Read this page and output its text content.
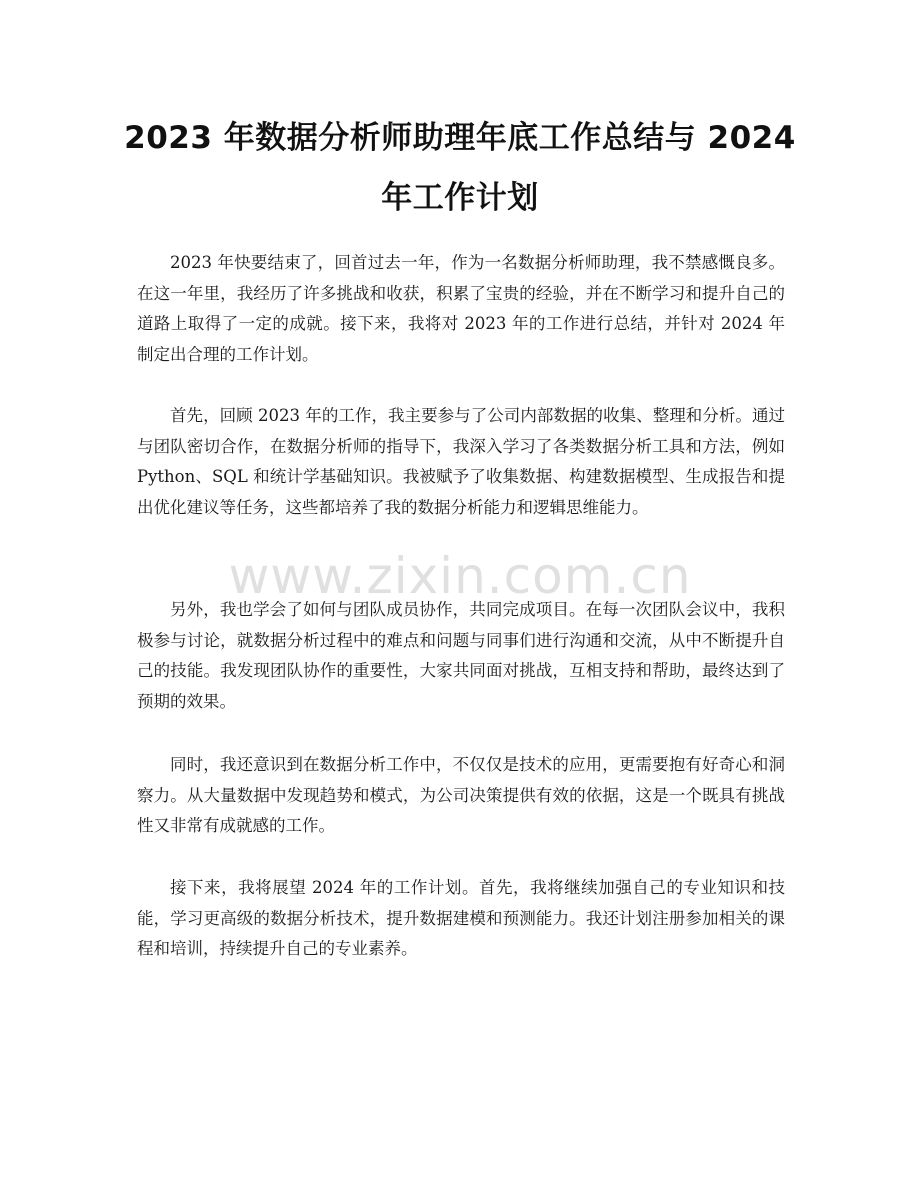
2023 年数据分析师助理年底工作总结与 2024
年工作计划

2023 年快要结束了，回首过去一年，作为一名数据分析师助理，我不禁感慨良多。在这一年里，我经历了许多挑战和收获，积累了宝贵的经验，并在不断学习和提升自己的道路上取得了一定的成就。接下来，我将对 2023 年的工作进行总结，并针对 2024 年制定出合理的工作计划。

首先，回顾 2023 年的工作，我主要参与了公司内部数据的收集、整理和分析。通过与团队密切合作，在数据分析师的指导下，我深入学习了各类数据分析工具和方法，例如 Python、SQL 和统计学基础知识。我被赋予了收集数据、构建数据模型、生成报告和提出优化建议等任务，这些都培养了我的数据分析能力和逻辑思维能力。

另外，我也学会了如何与团队成员协作，共同完成项目。在每一次团队会议中，我积极参与讨论，就数据分析过程中的难点和问题与同事们进行沟通和交流，从中不断提升自己的技能。我发现团队协作的重要性，大家共同面对挑战，互相支持和帮助，最终达到了预期的效果。

同时，我还意识到在数据分析工作中，不仅仅是技术的应用，更需要抱有好奇心和洞察力。从大量数据中发现趋势和模式，为公司决策提供有效的依据，这是一个既具有挑战性又非常有成就感的工作。

接下来，我将展望 2024 年的工作计划。首先，我将继续加强自己的专业知识和技能，学习更高级的数据分析技术，提升数据建模和预测能力。我还计划注册参加相关的课程和培训，持续提升自己的专业素养。

www.zixin.com.cn
